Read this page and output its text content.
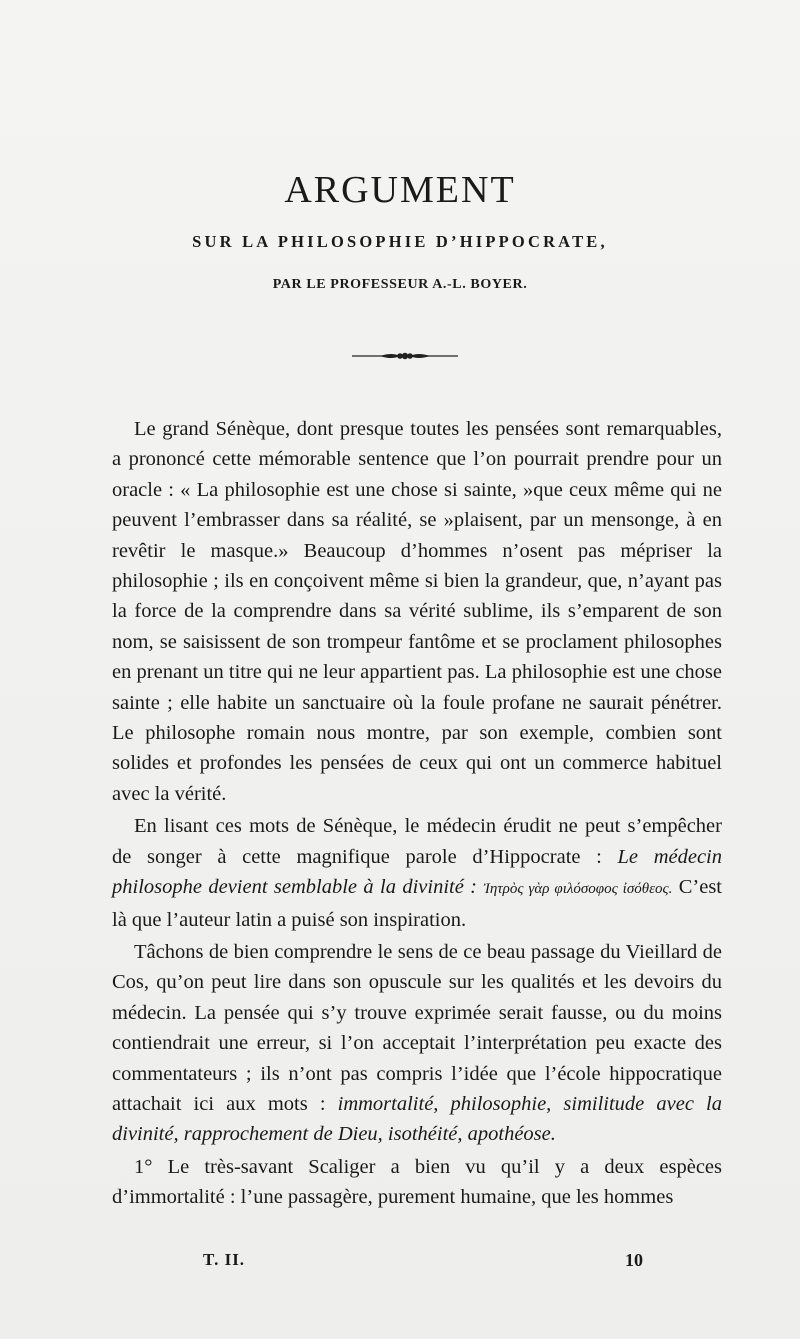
ARGUMENT
SUR LA PHILOSOPHIE D’HIPPOCRATE,
PAR LE PROFESSEUR A.-L. BOYER.

Le grand Sénèque, dont presque toutes les pensées sont remarquables, a prononcé cette mémorable sentence que l’on pourrait prendre pour un oracle : « La philosophie est une chose si sainte, »que ceux même qui ne peuvent l’embrasser dans sa réalité, se »plaisent, par un mensonge, à en revêtir le masque.» Beaucoup d’hommes n’osent pas mépriser la philosophie ; ils en conçoivent même si bien la grandeur, que, n’ayant pas la force de la comprendre dans sa vérité sublime, ils s’emparent de son nom, se saisissent de son trompeur fantôme et se proclament philosophes en prenant un titre qui ne leur appartient pas. La philosophie est une chose sainte ; elle habite un sanctuaire où la foule profane ne saurait pénétrer. Le philosophe romain nous montre, par son exemple, combien sont solides et profondes les pensées de ceux qui ont un commerce habituel avec la vérité.

En lisant ces mots de Sénèque, le médecin érudit ne peut s’empêcher de songer à cette magnifique parole d’Hippocrate : Le médecin philosophe devient semblable à la divinité : Ἰητρὸς γὰρ φιλόσοφος ἰσόθεος. C’est là que l’auteur latin a puisé son inspiration.

Tâchons de bien comprendre le sens de ce beau passage du Vieillard de Cos, qu’on peut lire dans son opuscule sur les qualités et les devoirs du médecin. La pensée qui s’y trouve exprimée serait fausse, ou du moins contiendrait une erreur, si l’on acceptait l’interprétation peu exacte des commentateurs ; ils n’ont pas compris l’idée que l’école hippocratique attachait ici aux mots : immortalité, philosophie, similitude avec la divinité, rapprochement de Dieu, isothéité, apothéose.

1° Le très-savant Scaliger a bien vu qu’il y a deux espèces d’immortalité : l’une passagère, purement humaine, que les hommes

T. II.	10
